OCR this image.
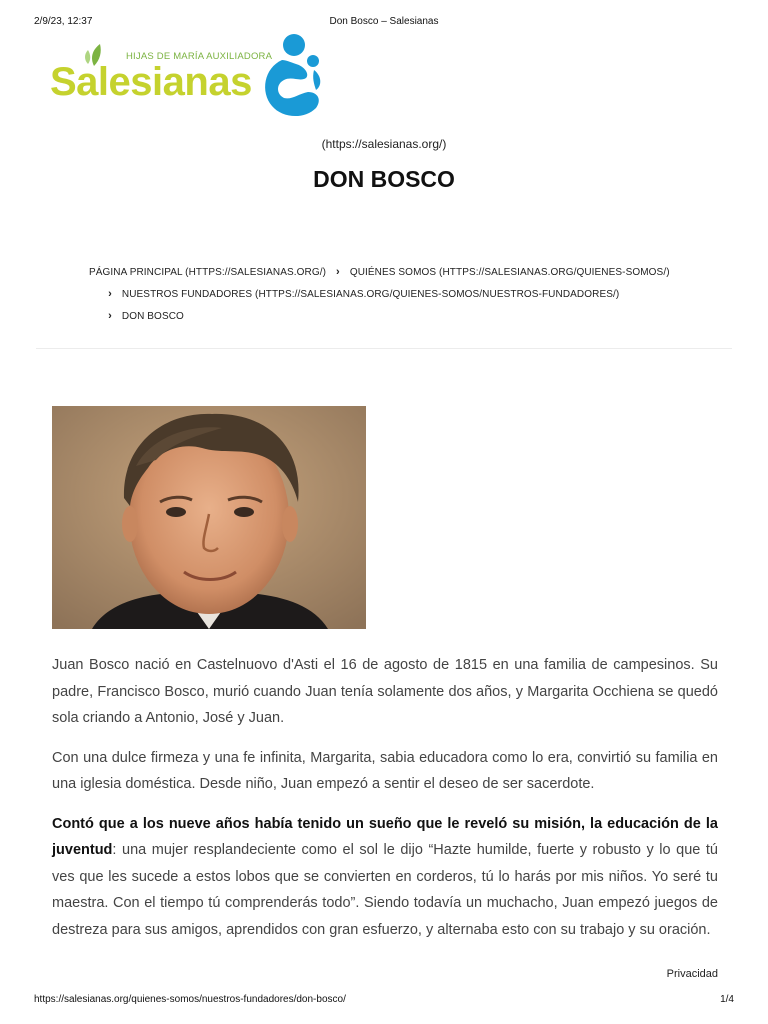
2/9/23, 12:37	Don Bosco – Salesianas
HIJAS DE MARÍA AUXILIADORA
Salesianas
(https://salesianas.org/)
DON BOSCO
PÁGINA PRINCIPAL (HTTPS://SALESIANAS.ORG/) › QUIÉNES SOMOS (HTTPS://SALESIANAS.ORG/QUIENES-SOMOS/)
› NUESTROS FUNDADORES (HTTPS://SALESIANAS.ORG/QUIENES-SOMOS/NUESTROS-FUNDADORES/)
› DON BOSCO

Juan Bosco nació en Castelnuovo d'Asti el 16 de agosto de 1815 en una familia de campesinos. Su padre, Francisco Bosco, murió cuando Juan tenía solamente dos años, y Margarita Occhiena se quedó sola criando a Antonio, José y Juan.

Con una dulce firmeza y una fe infinita, Margarita, sabia educadora como lo era, convirtió su familia en una iglesia doméstica. Desde niño, Juan empezó a sentir el deseo de ser sacerdote.

Contó que a los nueve años había tenido un sueño que le reveló su misión, la educación de la juventud: una mujer resplandeciente como el sol le dijo “Hazte humilde, fuerte y robusto y lo que tú ves que les sucede a estos lobos que se convierten en corderos, tú lo harás por mis niños. Yo seré tu maestra. Con el tiempo tú comprenderás todo”. Siendo todavía un muchacho, Juan empezó juegos de destreza para sus amigos, aprendidos con gran esfuerzo, y alternaba esto con su trabajo y su oración.

Privacidad
https://salesianas.org/quienes-somos/nuestros-fundadores/don-bosco/	1/4
